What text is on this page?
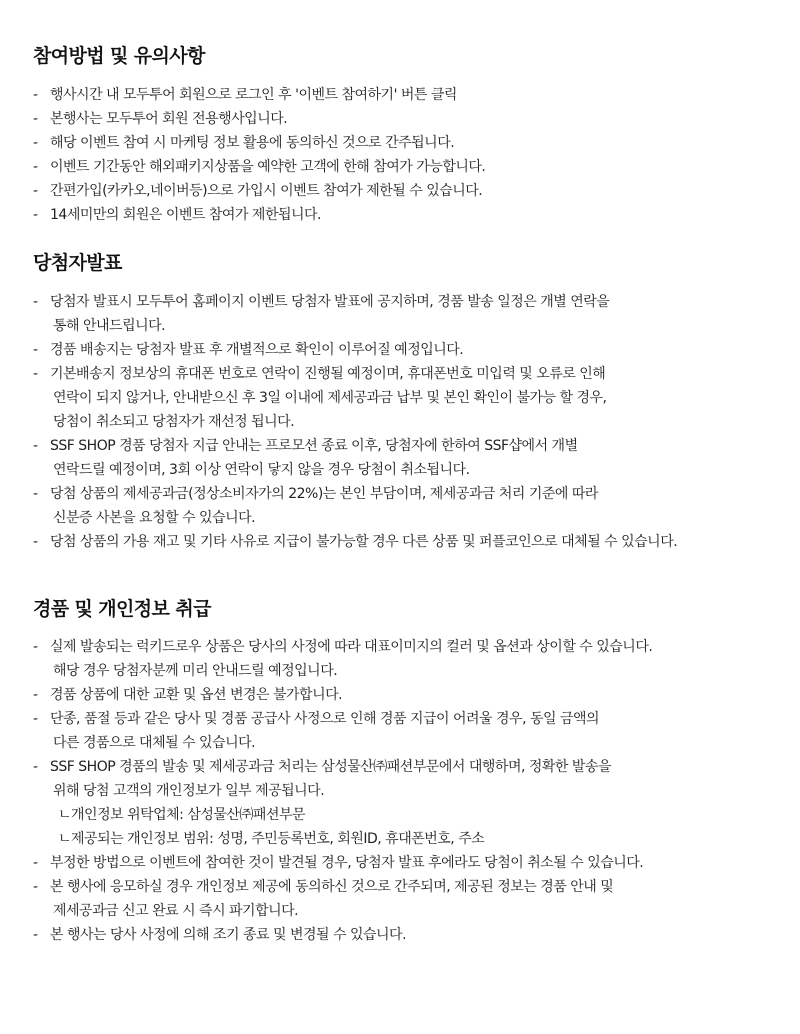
참여방법 및 유의사항
- 행사시간 내 모두투어 회원으로 로그인 후 '이벤트 참여하기' 버튼 클릭
- 본행사는 모두투어 회원 전용행사입니다.
- 해당 이벤트 참여 시 마케팅 정보 활용에 동의하신 것으로 간주됩니다.
- 이벤트 기간동안 해외패키지상품을 예약한 고객에 한해 참여가 가능합니다.
- 간편가입(카카오,네이버등)으로 가입시 이벤트 참여가 제한될 수 있습니다.
- 14세미만의 회원은 이벤트 참여가 제한됩니다.
당첨자발표
- 당첨자 발표시 모두투어 홈페이지 이벤트 당첨자 발표에 공지하며, 경품 발송 일정은 개별 연락을
통해 안내드립니다.
- 경품 배송지는 당첨자 발표 후 개별적으로 확인이 이루어질 예정입니다.
- 기본배송지 정보상의 휴대폰 번호로 연락이 진행될 예정이며, 휴대폰번호 미입력 및 오류로 인해
연락이 되지 않거나, 안내받으신 후 3일 이내에 제세공과금 납부 및 본인 확인이 불가능 할 경우,
당첨이 취소되고 당첨자가 재선정 됩니다.
- SSF SHOP 경품 당첨자 지급 안내는 프로모션 종료 이후, 당첨자에 한하여 SSF샵에서 개별
연락드릴 예정이며, 3회 이상 연락이 닿지 않을 경우 당첨이 취소됩니다.
- 당첨 상품의 제세공과금(정상소비자가의 22%)는 본인 부담이며, 제세공과금 처리 기준에 따라
신분증 사본을 요청할 수 있습니다.
- 당첨 상품의 가용 재고 및 기타 사유로 지급이 불가능할 경우 다른 상품 및 퍼플코인으로 대체될 수 있습니다.
경품 및 개인정보 취급
- 실제 발송되는 럭키드로우 상품은 당사의 사정에 따라 대표이미지의 컬러 및 옵션과 상이할 수 있습니다.
해당 경우 당첨자분께 미리 안내드릴 예정입니다.
- 경품 상품에 대한 교환 및 옵션 변경은 불가합니다.
- 단종, 품절 등과 같은 당사 및 경품 공급사 사정으로 인해 경품 지급이 어려울 경우, 동일 금액의
다른 경품으로 대체될 수 있습니다.
- SSF SHOP 경품의 발송 및 제세공과금 처리는 삼성물산㈜패션부문에서 대행하며, 정확한 발송을
위해 당첨 고객의 개인정보가 일부 제공됩니다.
ㄴ개인정보 위탁업체: 삼성물산㈜패션부문
ㄴ제공되는 개인정보 범위: 성명, 주민등록번호, 회원ID, 휴대폰번호, 주소
- 부정한 방법으로 이벤트에 참여한 것이 발견될 경우, 당첨자 발표 후에라도 당첨이 취소될 수 있습니다.
- 본 행사에 응모하실 경우 개인정보 제공에 동의하신 것으로 간주되며, 제공된 정보는 경품 안내 및
제세공과금 신고 완료 시 즉시 파기합니다.
- 본 행사는 당사 사정에 의해 조기 종료 및 변경될 수 있습니다.
